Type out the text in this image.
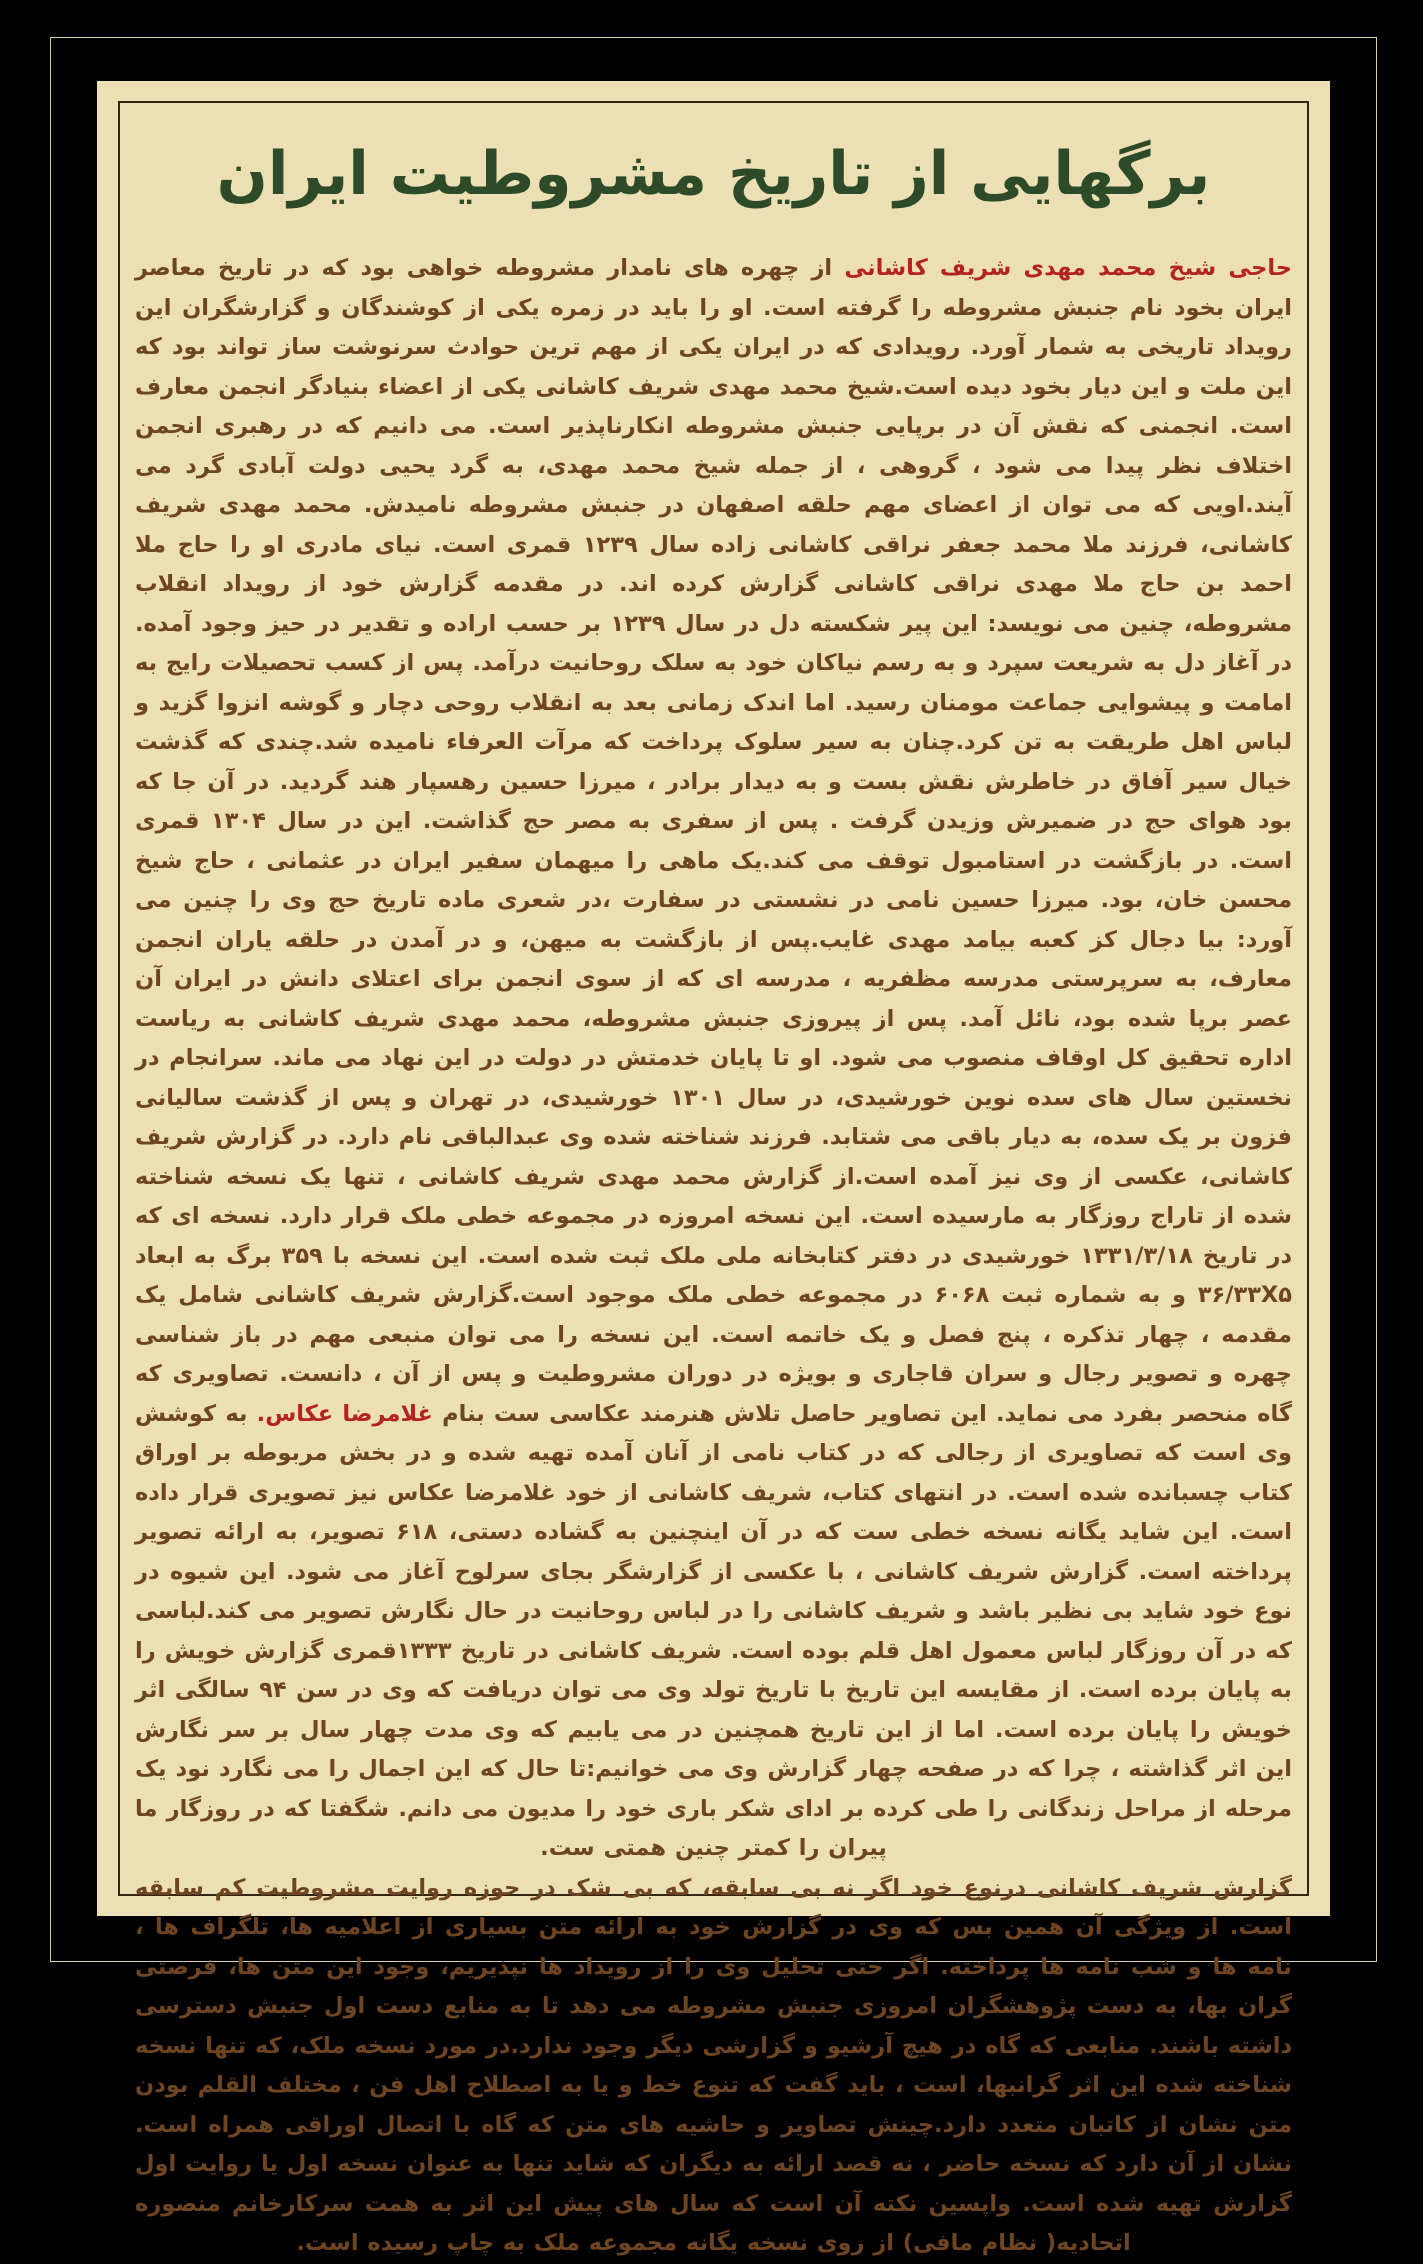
برگهایی از تاریخ مشروطیت ایران

حاجی شیخ محمد مهدی شریف کاشانی از چهره های نامدار مشروطه خواهی بود که در تاریخ معاصر ایران بخود نام جنبش مشروطه را گرفته است. او را باید در زمره یکی از کوشندگان و گزارشگران این رویداد تاریخی به شمار آورد. رویدادی که در ایران یکی از مهم ترین حوادث سرنوشت ساز تواند بود که این ملت و این دیار بخود دیده است.شیخ محمد مهدی شریف کاشانی یکی از اعضاء بنیادگر انجمن معارف است. انجمنی که نقش آن در برپایی جنبش مشروطه انکارناپذیر است. می دانیم که در رهبری انجمن اختلاف نظر پیدا می شود ، گروهی ، از جمله شیخ محمد مهدی، به گرد یحیی دولت آبادی گرد می آیند.اویی که می توان از اعضای مهم حلقه اصفهان در جنبش مشروطه نامیدش. محمد مهدی شریف کاشانی، فرزند ملا محمد جعفر نراقی کاشانی زاده سال ۱۲۳۹ قمری است. نیای مادری او را حاج ملا احمد بن حاج ملا مهدی نراقی کاشانی گزارش کرده اند. در مقدمه گزارش خود از رویداد انقلاب مشروطه، چنین می نویسد: این پیر شکسته دل در سال ۱۲۳۹ بر حسب اراده و تقدیر در حیز وجود آمده. در آغاز دل به شریعت سپرد و به رسم نیاکان خود به سلک روحانیت درآمد. پس از کسب تحصیلات رایج به امامت و پیشوایی جماعت مومنان رسید. اما اندک زمانی بعد به انقلاب روحی دچار و گوشه انزوا گزید و لباس اهل طریقت به تن کرد.چنان به سیر سلوک پرداخت که مرآت العرفاء نامیده شد.چندی که گذشت خیال سیر آفاق در خاطرش نقش بست و به دیدار برادر ، میرزا حسین رهسپار هند گردید. در آن جا که بود هوای حج در ضمیرش وزیدن گرفت . پس از سفری به مصر حج گذاشت. این در سال ۱۳۰۴ قمری است. در بازگشت در استامبول توقف می کند.یک ماهی را میهمان سفیر ایران در عثمانی ، حاج شیخ محسن خان، بود. میرزا حسین نامی در نشستی در سفارت ،در شعری ماده تاریخ حج وی را چنین می آورد: بیا دجال کز کعبه بیامد مهدی غایب.پس از بازگشت به میهن، و در آمدن در حلقه یاران انجمن معارف، به سرپرستی مدرسه مظفریه ، مدرسه ای که از سوی انجمن برای اعتلای دانش در ایران آن عصر برپا شده بود، نائل آمد. پس از پیروزی جنبش مشروطه، محمد مهدی شریف کاشانی به ریاست اداره تحقیق کل اوقاف منصوب می شود. او تا پایان خدمتش در دولت در این نهاد می ماند. سرانجام در نخستین سال های سده نوین خورشیدی، در سال ۱۳۰۱ خورشیدی، در تهران و پس از گذشت سالیانی فزون بر یک سده، به دیار باقی می شتابد. فرزند شناخته شده وی عبدالباقی نام دارد. در گزارش شریف کاشانی، عکسی از وی نیز آمده است.از گزارش محمد مهدی شریف کاشانی ، تنها یک نسخه شناخته شده از تاراج روزگار به مارسیده است. این نسخه امروزه در مجموعه خطی ملک قرار دارد. نسخه ای که در تاریخ ۱۳۳۱/۳/۱۸ خورشیدی در دفتر کتابخانه ملی ملک ثبت شده است. این نسخه با ۳۵۹ برگ به ابعاد ⁦۳۶/۳۳X۵⁩ و به شماره ثبت ۶۰۶۸ در مجموعه خطی ملک موجود است.گزارش شریف کاشانی شامل یک مقدمه ، چهار تذکره ، پنج فصل و یک خاتمه است. این نسخه را می توان منبعی مهم در باز شناسی چهره و تصویر رجال و سران قاجاری و بویژه در دوران مشروطیت و پس از آن ، دانست. تصاویری که گاه منحصر بفرد می نماید. این تصاویر حاصل تلاش هنرمند عکاسی ست بنام غلامرضا عکاس. به کوشش وی است که تصاویری از رجالی که در کتاب نامی از آنان آمده تهیه شده و در بخش مربوطه بر اوراق کتاب چسبانده شده است. در انتهای کتاب، شریف کاشانی از خود غلامرضا عکاس نیز تصویری قرار داده است. این شاید یگانه نسخه خطی ست که در آن اینچنین به گشاده دستی، ۶۱۸ تصویر، به ارائه تصویر پرداخته است. گزارش شریف کاشانی ، با عکسی از گزارشگر بجای سرلوح آغاز می شود. این شیوه در نوع خود شاید بی نظیر باشد و شریف کاشانی را در لباس روحانیت در حال نگارش تصویر می کند.لباسی که در آن روزگار لباس معمول اهل قلم بوده است. شریف کاشانی در تاریخ ۱۳۳۳قمری گزارش خویش را به پایان برده است. از مقایسه این تاریخ با تاریخ تولد وی می توان دریافت که وی در سن ۹۴ سالگی اثر خویش را پایان برده است. اما از این تاریخ همچنین در می یابیم که وی مدت چهار سال بر سر نگارش این اثر گذاشته ، چرا که در صفحه چهار گزارش وی می خوانیم:تا حال که این اجمال را می نگارد نود یک مرحله از مراحل زندگانی را طی کرده بر ادای شکر باری خود را مدیون می دانم. شگفتا که در روزگار ما پیران را کمتر چنین همتی ست.

گزارش شریف کاشانی درنوع خود اگر نه بی سابقه، که بی شک در حوزه روایت مشروطیت کم سابقه است. از ویژگی آن همین بس که وی در گزارش خود به ارائه متن بسیاری از اعلامیه ها، تلگراف ها ، نامه ها و شب نامه ها پرداخته. اگر حتی تحلیل وی را از رویداد ها نپذیریم، وجود این متن ها، فرصتی گران بها، به دست پژوهشگران امروزی جنبش مشروطه می دهد تا به منابع دست اول جنبش دسترسی داشته باشند. منابعی که گاه در هیچ آرشیو و گزارشی دیگر وجود ندارد.در مورد نسخه ملک، که تنها نسخه شناخته شده این اثر گرانبها، است ، باید گفت که تنوع خط و یا به اصطلاح اهل فن ، مختلف القلم بودن متن نشان از کاتبان متعدد دارد.چینش تصاویر و حاشیه های متن که گاه با اتصال اوراقی همراه است. نشان از آن دارد که نسخه حاضر ، نه قصد ارائه به دیگران که شاید تنها به عنوان نسخه اول یا روایت اول گزارش تهیه شده است. واپسین نکته آن است که سال های پیش این اثر به همت سرکارخانم منصوره اتحادیه( نظام مافی) از روی نسخه یگانه مجموعه ملک به چاپ رسیده است.
